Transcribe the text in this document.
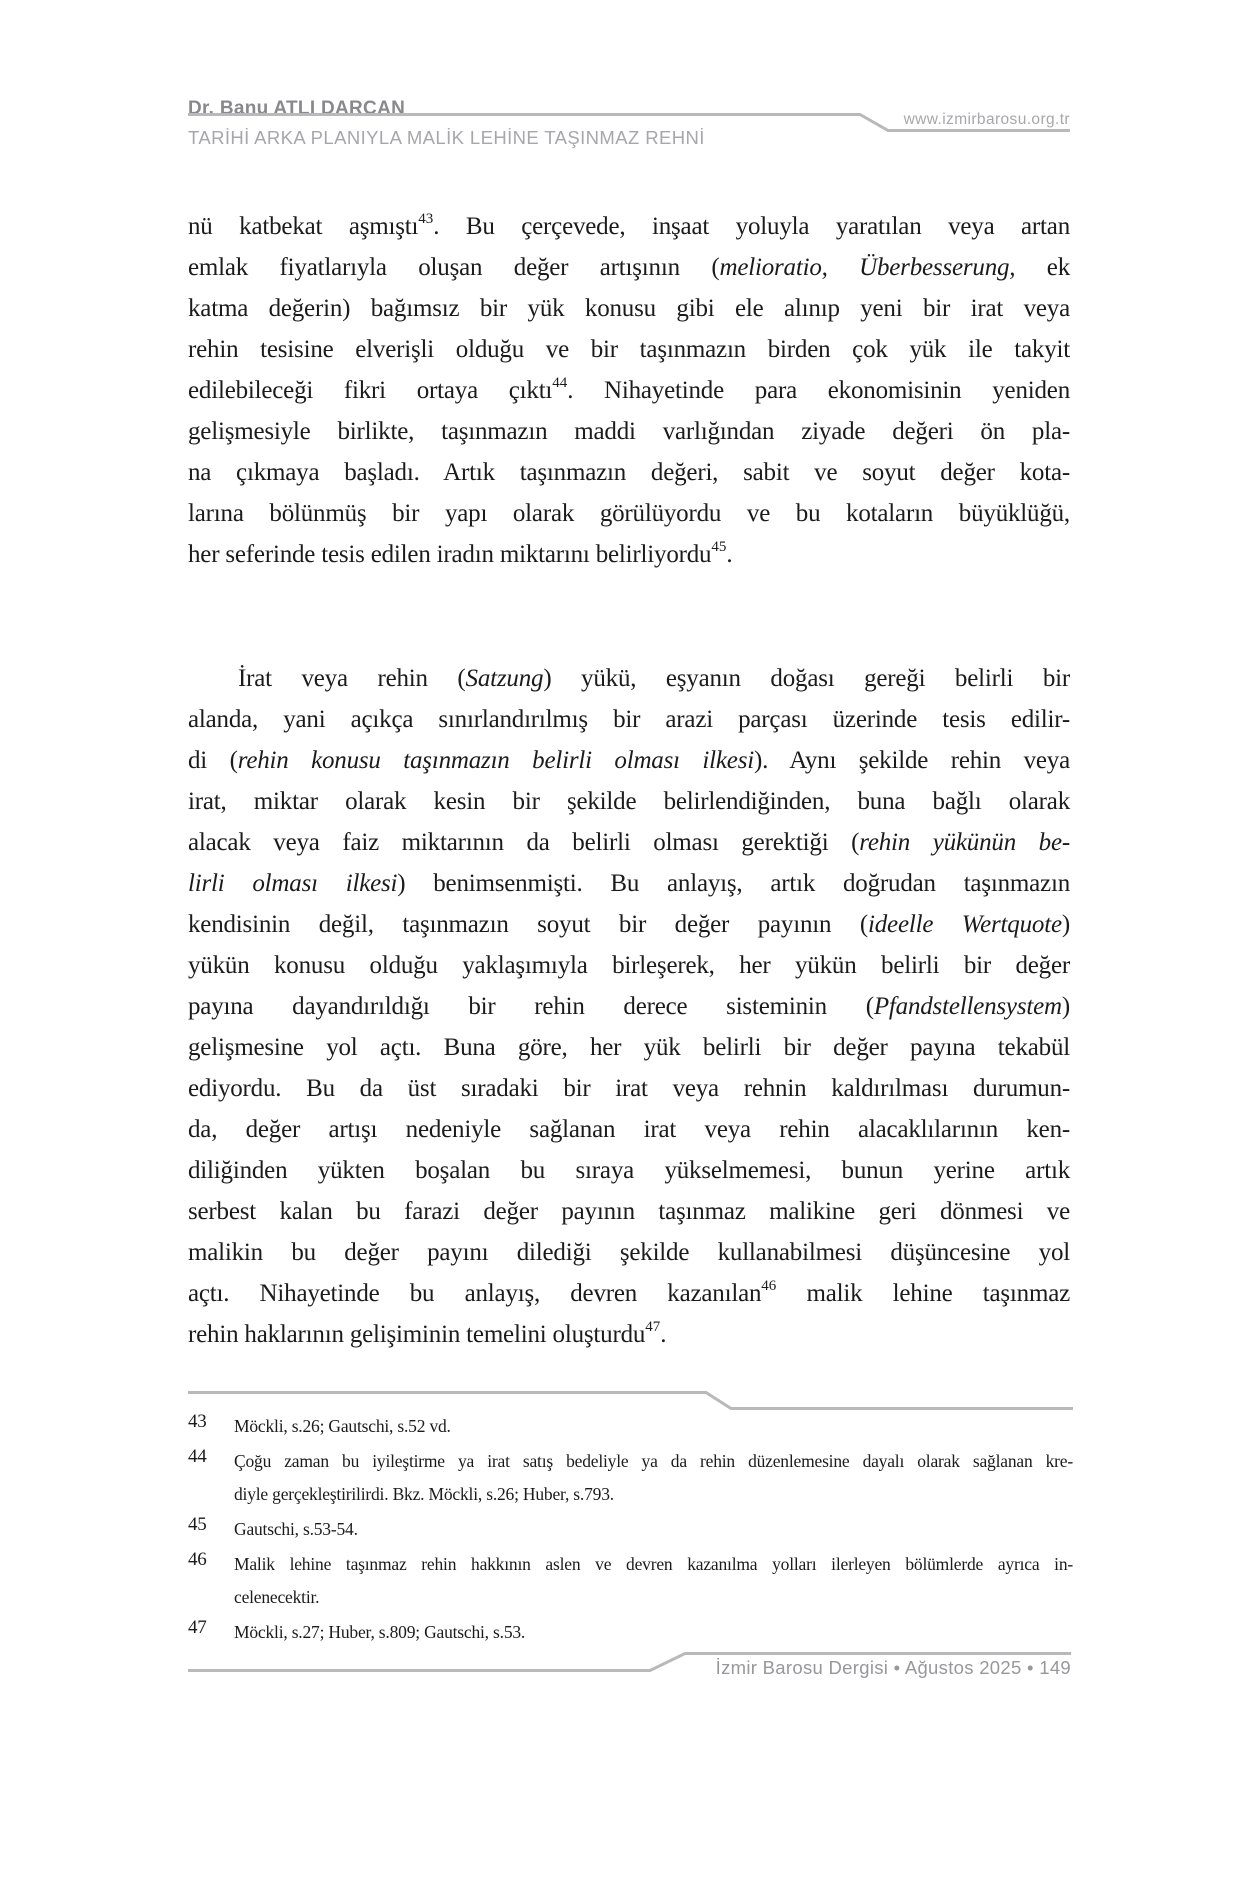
Dr. Banu ATLI DARCAN
TARİHİ ARKA PLANIYLA MALİK LEHİNE TAŞINMAZ REHNİ
www.izmirbarosu.org.tr
nü katbekat aşmıştı$^{43}$. Bu çerçevede, inşaat yoluyla yaratılan veya artan
emlak fiyatlarıyla oluşan değer artışının (melioratio, Überbesserung, ek
katma değerin) bağımsız bir yük konusu gibi ele alınıp yeni bir irat veya
rehin tesisine elverişli olduğu ve bir taşınmazın birden çok yük ile takyit
edilebileceği fikri ortaya çıktı$^{44}$. Nihayetinde para ekonomisinin yeniden
gelişmesiyle birlikte, taşınmazın maddi varlığından ziyade değeri ön pla-
na çıkmaya başladı. Artık taşınmazın değeri, sabit ve soyut değer kota-
larına bölünmüş bir yapı olarak görülüyordu ve bu kotaların büyüklüğü,
her seferinde tesis edilen iradın miktarını belirliyordu$^{45}$.
İrat veya rehin (Satzung) yükü, eşyanın doğası gereği belirli bir
alanda, yani açıkça sınırlandırılmış bir arazi parçası üzerinde tesis edilir-
di (rehin konusu taşınmazın belirli olması ilkesi). Aynı şekilde rehin veya
irat, miktar olarak kesin bir şekilde belirlendiğinden, buna bağlı olarak
alacak veya faiz miktarının da belirli olması gerektiği (rehin yükünün be-
lirli olması ilkesi) benimsenmişti. Bu anlayış, artık doğrudan taşınmazın
kendisinin değil, taşınmazın soyut bir değer payının (ideelle Wertquote)
yükün konusu olduğu yaklaşımıyla birleşerek, her yükün belirli bir değer
payına dayandırıldığı bir rehin derece sisteminin (Pfandstellensystem)
gelişmesine yol açtı. Buna göre, her yük belirli bir değer payına tekabül
ediyordu. Bu da üst sıradaki bir irat veya rehnin kaldırılması durumun-
da, değer artışı nedeniyle sağlanan irat veya rehin alacaklılarının ken-
diliğinden yükten boşalan bu sıraya yükselmemesi, bunun yerine artık
serbest kalan bu farazi değer payının taşınmaz malikine geri dönmesi ve
malikin bu değer payını dilediği şekilde kullanabilmesi düşüncesine yol
açtı. Nihayetinde bu anlayış, devren kazanılan$^{46}$ malik lehine taşınmaz
rehin haklarının gelişiminin temelini oluşturdu$^{47}$.
43	Möckli, s.26; Gautschi, s.52 vd.
44	Çoğu zaman bu iyileştirme ya irat satış bedeliyle ya da rehin düzenlemesine dayalı olarak sağlanan kre-
diyle gerçekleştirilirdi. Bkz. Möckli, s.26; Huber, s.793.
45	Gautschi, s.53-54.
46	Malik lehine taşınmaz rehin hakkının aslen ve devren kazanılma yolları ilerleyen bölümlerde ayrıca in-
celenecektir.
47	Möckli, s.27; Huber, s.809; Gautschi, s.53.
İzmir Barosu Dergisi • Ağustos 2025 • 149
